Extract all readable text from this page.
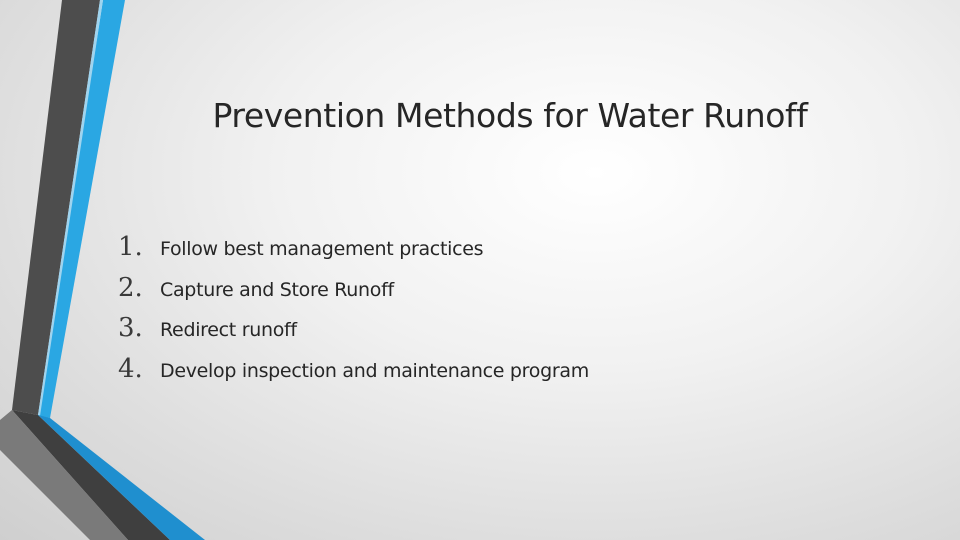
Prevention Methods for Water Runoff
1. Follow best management practices
2. Capture and Store Runoff
3. Redirect runoff
4. Develop inspection and maintenance program
